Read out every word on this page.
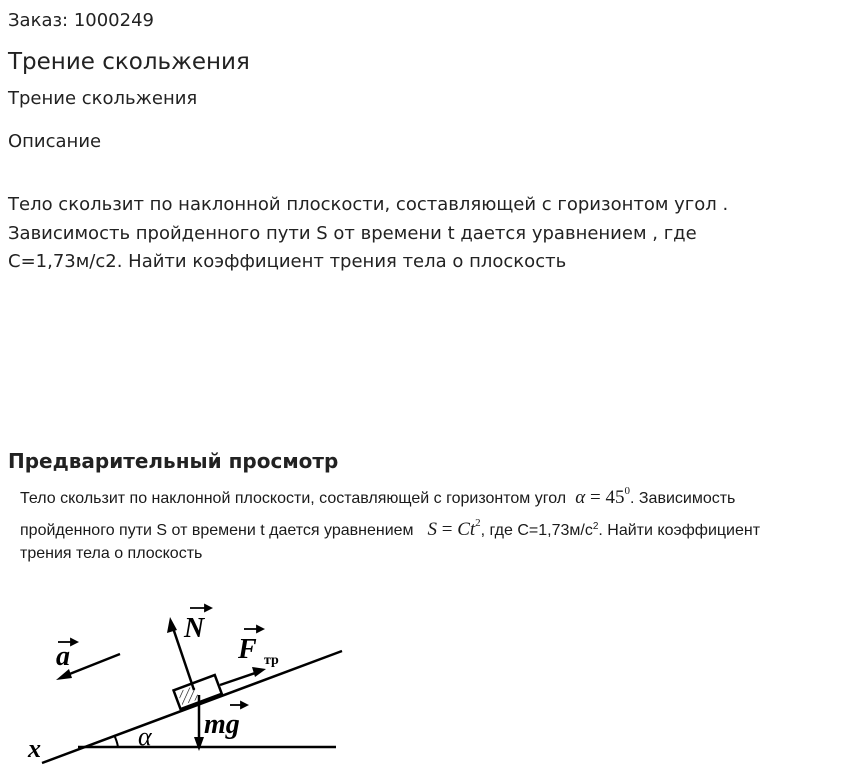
Заказ: 1000249
Трение скольжения
Трение скольжения
Описание
Тело скользит по наклонной плоскости, составляющей с горизонтом угол .
Зависимость пройденного пути S от времени t дается уравнением , где
С=1,73м/с2. Найти коэффициент трения тела о плоскость
Предварительный просмотр
Тело скользит по наклонной плоскости, составляющей с горизонтом угол $\alpha = 45^0$. Зависимость
пройденного пути S от времени t дается уравнением $S = Ct^2$, где $С=1,73м/с^2$. Найти коэффициент
трения тела о плоскость
a
N
F тр
mg
α
x
